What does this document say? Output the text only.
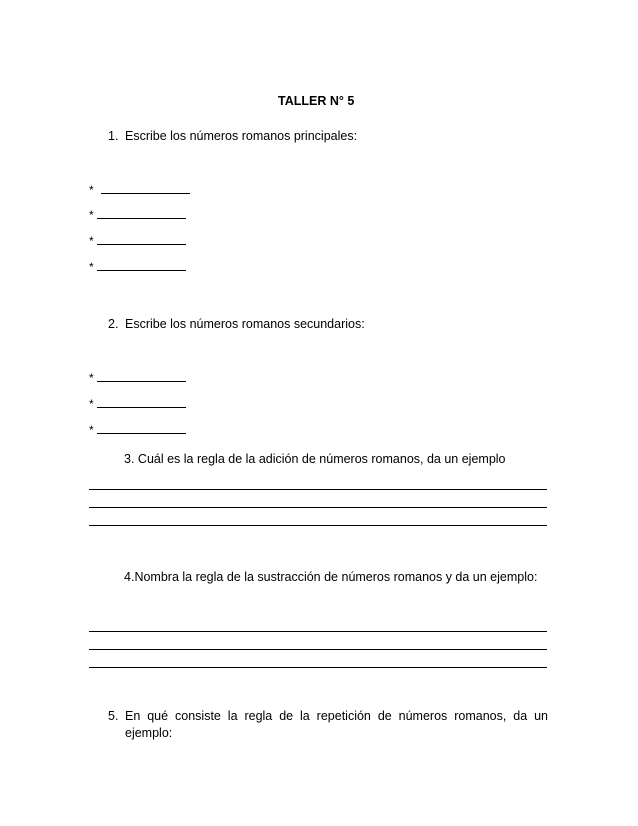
TALLER N° 5
1. Escribe los números romanos principales:
*
*
*
*
2. Escribe los números romanos secundarios:
*
*
*
3. Cuál es la regla de la adición de números romanos, da un ejemplo
4.Nombra la regla de la sustracción de números romanos y da un ejemplo:
5. En qué consiste la regla de la repetición de números romanos, da un ejemplo:
